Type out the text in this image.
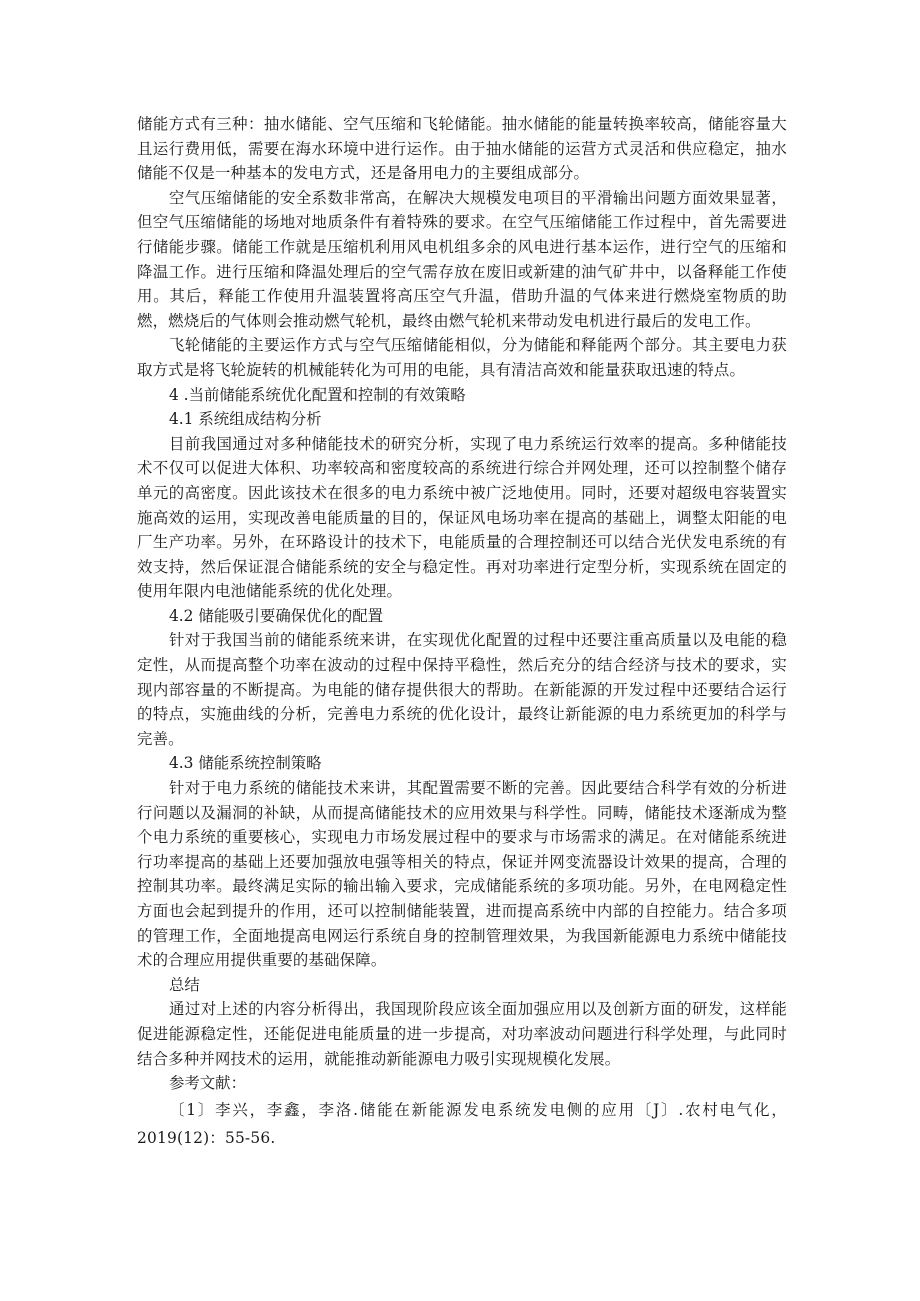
储能方式有三种：抽水储能、空气压缩和飞轮储能。抽水储能的能量转换率较高，储能容量大且运行费用低，需要在海水环境中进行运作。由于抽水储能的运营方式灵活和供应稳定，抽水储能不仅是一种基本的发电方式，还是备用电力的主要组成部分。

空气压缩储能的安全系数非常高，在解决大规模发电项目的平滑输出问题方面效果显著，但空气压缩储能的场地对地质条件有着特殊的要求。在空气压缩储能工作过程中，首先需要进行储能步骤。储能工作就是压缩机利用风电机组多余的风电进行基本运作，进行空气的压缩和降温工作。进行压缩和降温处理后的空气需存放在废旧或新建的油气矿井中，以备释能工作使用。其后，释能工作使用升温装置将高压空气升温，借助升温的气体来进行燃烧室物质的助燃，燃烧后的气体则会推动燃气轮机，最终由燃气轮机来带动发电机进行最后的发电工作。

飞轮储能的主要运作方式与空气压缩储能相似，分为储能和释能两个部分。其主要电力获取方式是将飞轮旋转的机械能转化为可用的电能，具有清洁高效和能量获取迅速的特点。

4 .当前储能系统优化配置和控制的有效策略

4.1 系统组成结构分析

目前我国通过对多种储能技术的研究分析，实现了电力系统运行效率的提高。多种储能技术不仅可以促进大体积、功率较高和密度较高的系统进行综合并网处理，还可以控制整个储存单元的高密度。因此该技术在很多的电力系统中被广泛地使用。同时，还要对超级电容装置实施高效的运用，实现改善电能质量的目的，保证风电场功率在提高的基础上，调整太阳能的电厂生产功率。另外，在环路设计的技术下，电能质量的合理控制还可以结合光伏发电系统的有效支持，然后保证混合储能系统的安全与稳定性。再对功率进行定型分析，实现系统在固定的使用年限内电池储能系统的优化处理。

4.2 储能吸引要确保优化的配置

针对于我国当前的储能系统来讲，在实现优化配置的过程中还要注重高质量以及电能的稳定性，从而提高整个功率在波动的过程中保持平稳性，然后充分的结合经济与技术的要求，实现内部容量的不断提高。为电能的储存提供很大的帮助。在新能源的开发过程中还要结合运行的特点，实施曲线的分析，完善电力系统的优化设计，最终让新能源的电力系统更加的科学与完善。

4.3 储能系统控制策略

针对于电力系统的储能技术来讲，其配置需要不断的完善。因此要结合科学有效的分析进行问题以及漏洞的补缺，从而提高储能技术的应用效果与科学性。同畴，储能技术逐渐成为整个电力系统的重要核心，实现电力市场发展过程中的要求与市场需求的满足。在对储能系统进行功率提高的基础上还要加强放电强等相关的特点，保证并网变流器设计效果的提高，合理的控制其功率。最终满足实际的输出输入要求，完成储能系统的多项功能。另外，在电网稳定性方面也会起到提升的作用，还可以控制储能装置，进而提高系统中内部的自控能力。结合多项的管理工作，全面地提高电网运行系统自身的控制管理效果，为我国新能源电力系统中储能技术的合理应用提供重要的基础保障。

总结

通过对上述的内容分析得出，我国现阶段应该全面加强应用以及创新方面的研发，这样能促进能源稳定性，还能促进电能质量的进一步提高，对功率波动问题进行科学处理，与此同时结合多种并网技术的运用，就能推动新能源电力吸引实现规模化发展。

参考文献：

〔1〕李兴，李鑫，李洛.储能在新能源发电系统发电侧的应用〔J〕.农村电气化，2019(12)：55-56.
